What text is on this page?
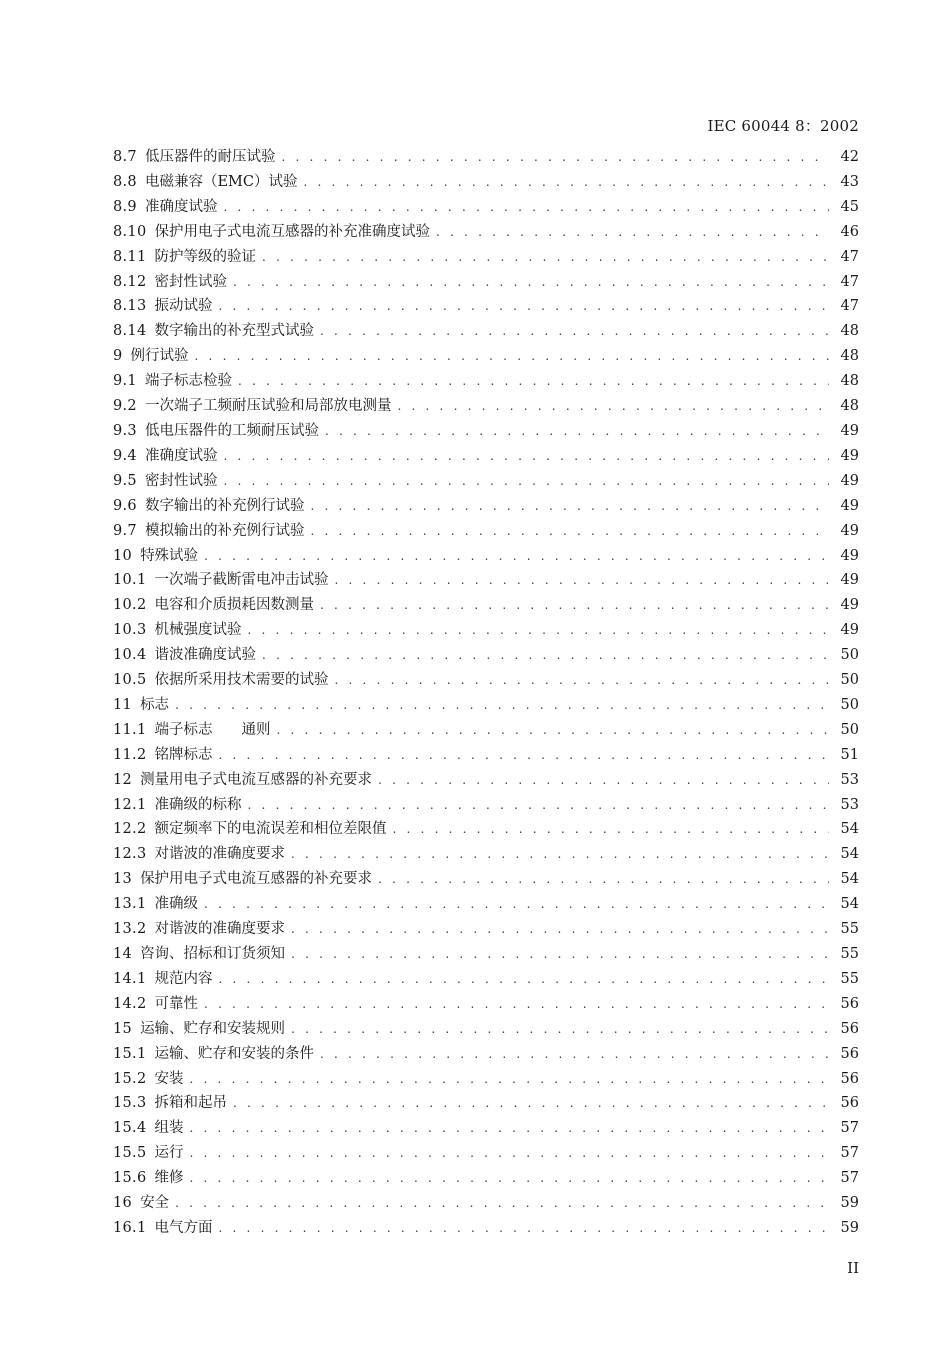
IEC 60044 8：2002
8.7 低压器件的耐压试验 . . .	42
8.8 电磁兼容（EMC）试验 . . .	43
8.9 准确度试验 . . .	45
8.10 保护用电子式电流互感器的补充准确度试验 . . .	46
8.11 防护等级的验证 . . .	47
8.12 密封性试验 . . .	47
8.13 振动试验 . . .	47
8.14 数字输出的补充型式试验 . . .	48
9 例行试验 . . .	48
9.1 端子标志检验 . . .	48
9.2 一次端子工频耐压试验和局部放电测量 . . .	48
9.3 低电压器件的工频耐压试验 . . .	49
9.4 准确度试验 . . .	49
9.5 密封性试验 . . .	49
9.6 数字输出的补充例行试验 . . .	49
9.7 模拟输出的补充例行试验 . . .	49
10 特殊试验 . . .	49
10.1 一次端子截断雷电冲击试验 . . .	49
10.2 电容和介质损耗因数测量 . . .	49
10.3 机械强度试验 . . .	49
10.4 谐波准确度试验 . . .	50
10.5 依据所采用技术需要的试验 . . .	50
11 标志 . . .	50
11.1 端子标志　　通则 . . .	50
11.2 铭牌标志 . . .	51
12 测量用电子式电流互感器的补充要求 . . .	53
12.1 准确级的标称 . . .	53
12.2 额定频率下的电流误差和相位差限值 . . .	54
12.3 对谐波的准确度要求 . . .	54
13 保护用电子式电流互感器的补充要求 . . .	54
13.1 准确级 . . .	54
13.2 对谐波的准确度要求 . . .	55
14 咨询、招标和订货须知 . . .	55
14.1 规范内容 . . .	55
14.2 可靠性 . . .	56
15 运输、贮存和安装规则 . . .	56
15.1 运输、贮存和安装的条件 . . .	56
15.2 安装 . . .	56
15.3 拆箱和起吊 . . .	56
15.4 组装 . . .	57
15.5 运行 . . .	57
15.6 维修 . . .	57
16 安全 . . .	59
16.1 电气方面 . . .	59
II
